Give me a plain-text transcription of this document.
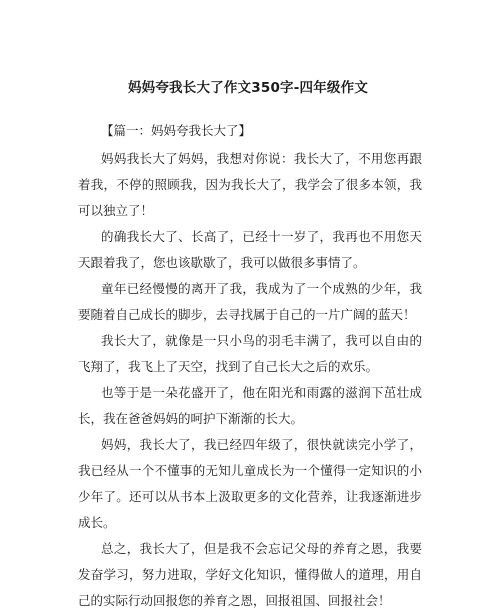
妈妈夸我长大了作文350字-四年级作文
【篇一：妈妈夸我长大了】

妈妈我长大了妈妈，我想对你说：我长大了，不用您再跟着我，不停的照顾我，因为我长大了，我学会了很多本领，我可以独立了！

的确我长大了、长高了，已经十一岁了，我再也不用您天天跟着我了，您也该歇歇了，我可以做很多事情了。

童年已经慢慢的离开了我，我成为了一个成熟的少年，我要随着自己成长的脚步，去寻找属于自己的一片广阔的蓝天！

我长大了，就像是一只小鸟的羽毛丰满了，我可以自由的飞翔了，我飞上了天空，找到了自己长大之后的欢乐。

也等于是一朵花盛开了，他在阳光和雨露的滋润下茁壮成长，我在爸爸妈妈的呵护下渐渐的长大。

妈妈，我长大了，我已经四年级了，很快就读完小学了，我已经从一个不懂事的无知儿童成长为一个懂得一定知识的小少年了。还可以从书本上汲取更多的文化营养，让我逐渐进步成长。

总之，我长大了，但是我不会忘记父母的养育之恩，我要发奋学习，努力进取，学好文化知识，懂得做人的道理，用自己的实际行动回报您的养育之恩，回报祖国、回报社会！
